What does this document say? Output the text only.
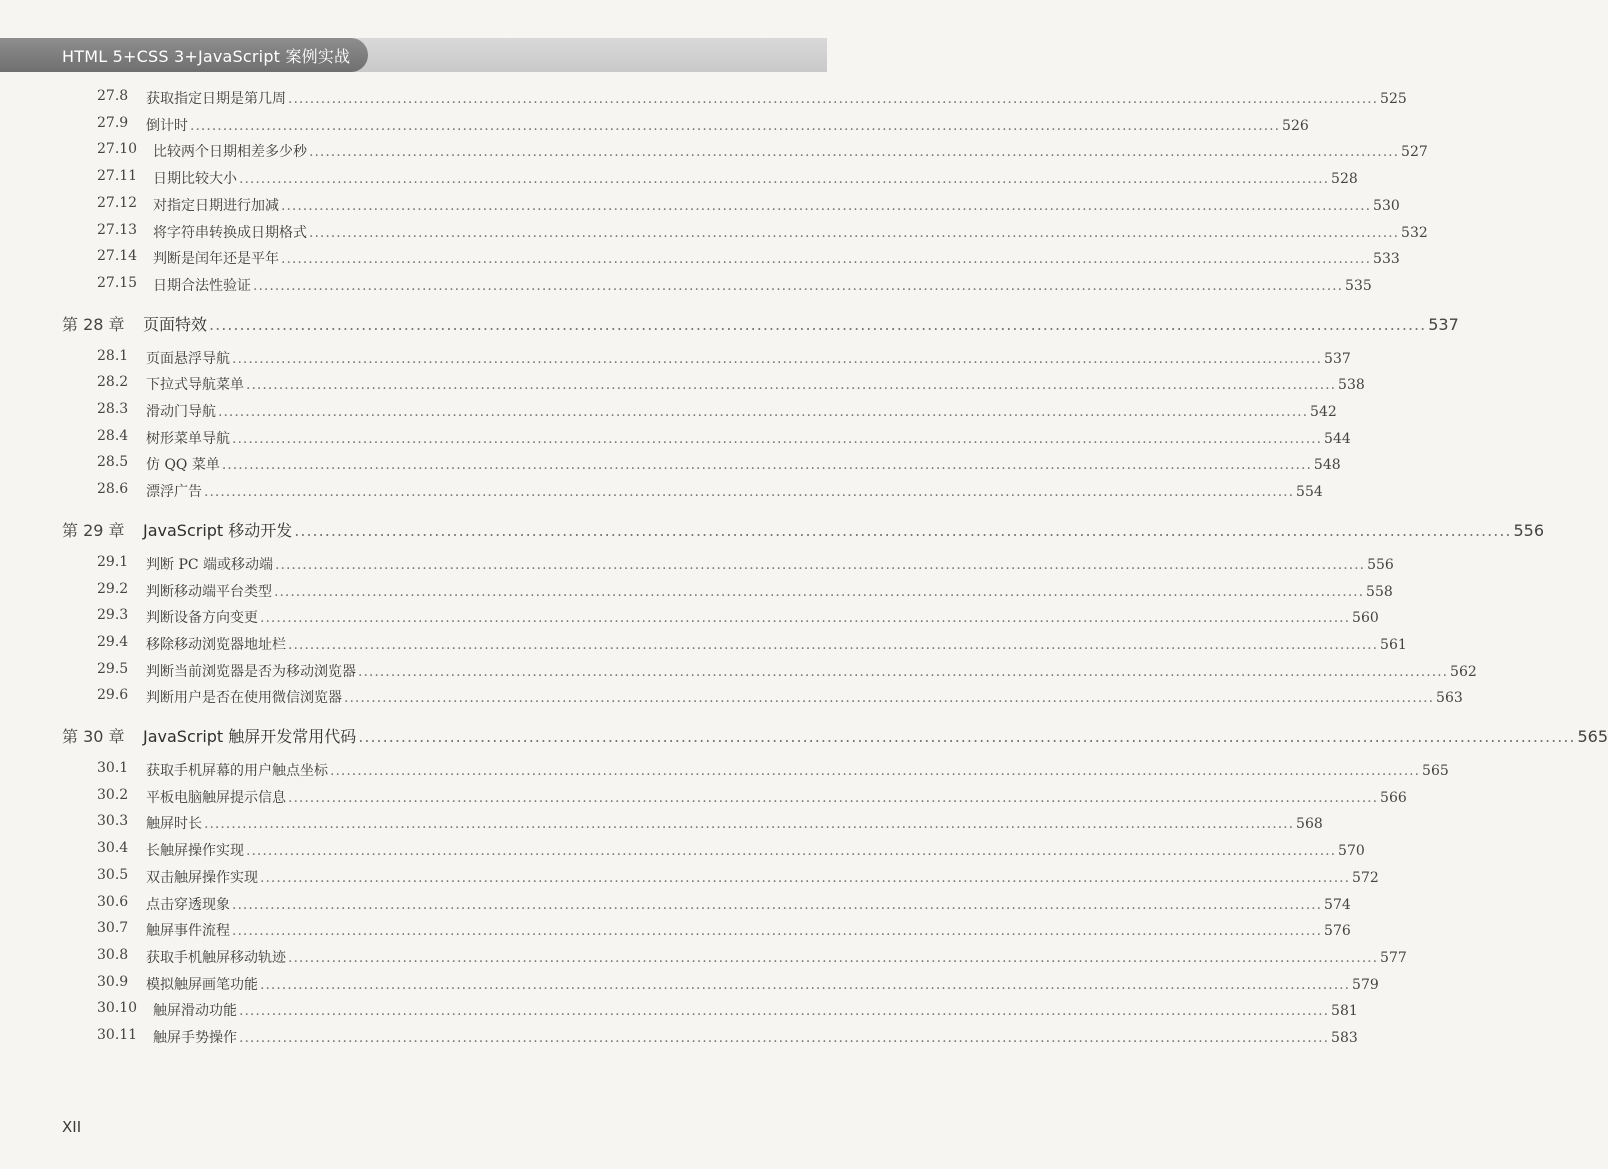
HTML 5+CSS 3+JavaScript 案例实战
27.8 获取指定日期是第几周 ........................................................................................................................................................................................................ 525
27.9 倒计时 ........................................................................................................................................................................................................ 526
27.10 比较两个日期相差多少秒 ........................................................................................................................................................................................................ 527
27.11 日期比较大小 ........................................................................................................................................................................................................ 528
27.12 对指定日期进行加减 ........................................................................................................................................................................................................ 530
27.13 将字符串转换成日期格式 ........................................................................................................................................................................................................ 532
27.14 判断是闰年还是平年 ........................................................................................................................................................................................................ 533
27.15 日期合法性验证 ........................................................................................................................................................................................................ 535
第 28 章 页面特效 ........................................................................................................................................................................................................ 537
28.1 页面悬浮导航 ........................................................................................................................................................................................................ 537
28.2 下拉式导航菜单 ........................................................................................................................................................................................................ 538
28.3 滑动门导航 ........................................................................................................................................................................................................ 542
28.4 树形菜单导航 ........................................................................................................................................................................................................ 544
28.5 仿 QQ 菜单 ........................................................................................................................................................................................................ 548
28.6 漂浮广告 ........................................................................................................................................................................................................ 554
第 29 章 JavaScript 移动开发 ........................................................................................................................................................................................................ 556
29.1 判断 PC 端或移动端 ........................................................................................................................................................................................................ 556
29.2 判断移动端平台类型 ........................................................................................................................................................................................................ 558
29.3 判断设备方向变更 ........................................................................................................................................................................................................ 560
29.4 移除移动浏览器地址栏 ........................................................................................................................................................................................................ 561
29.5 判断当前浏览器是否为移动浏览器 ........................................................................................................................................................................................................ 562
29.6 判断用户是否在使用微信浏览器 ........................................................................................................................................................................................................ 563
第 30 章 JavaScript 触屏开发常用代码 ........................................................................................................................................................................................................ 565
30.1 获取手机屏幕的用户触点坐标 ........................................................................................................................................................................................................ 565
30.2 平板电脑触屏提示信息 ........................................................................................................................................................................................................ 566
30.3 触屏时长 ........................................................................................................................................................................................................ 568
30.4 长触屏操作实现 ........................................................................................................................................................................................................ 570
30.5 双击触屏操作实现 ........................................................................................................................................................................................................ 572
30.6 点击穿透现象 ........................................................................................................................................................................................................ 574
30.7 触屏事件流程 ........................................................................................................................................................................................................ 576
30.8 获取手机触屏移动轨迹 ........................................................................................................................................................................................................ 577
30.9 模拟触屏画笔功能 ........................................................................................................................................................................................................ 579
30.10 触屏滑动功能 ........................................................................................................................................................................................................ 581
30.11 触屏手势操作 ........................................................................................................................................................................................................ 583
XII
